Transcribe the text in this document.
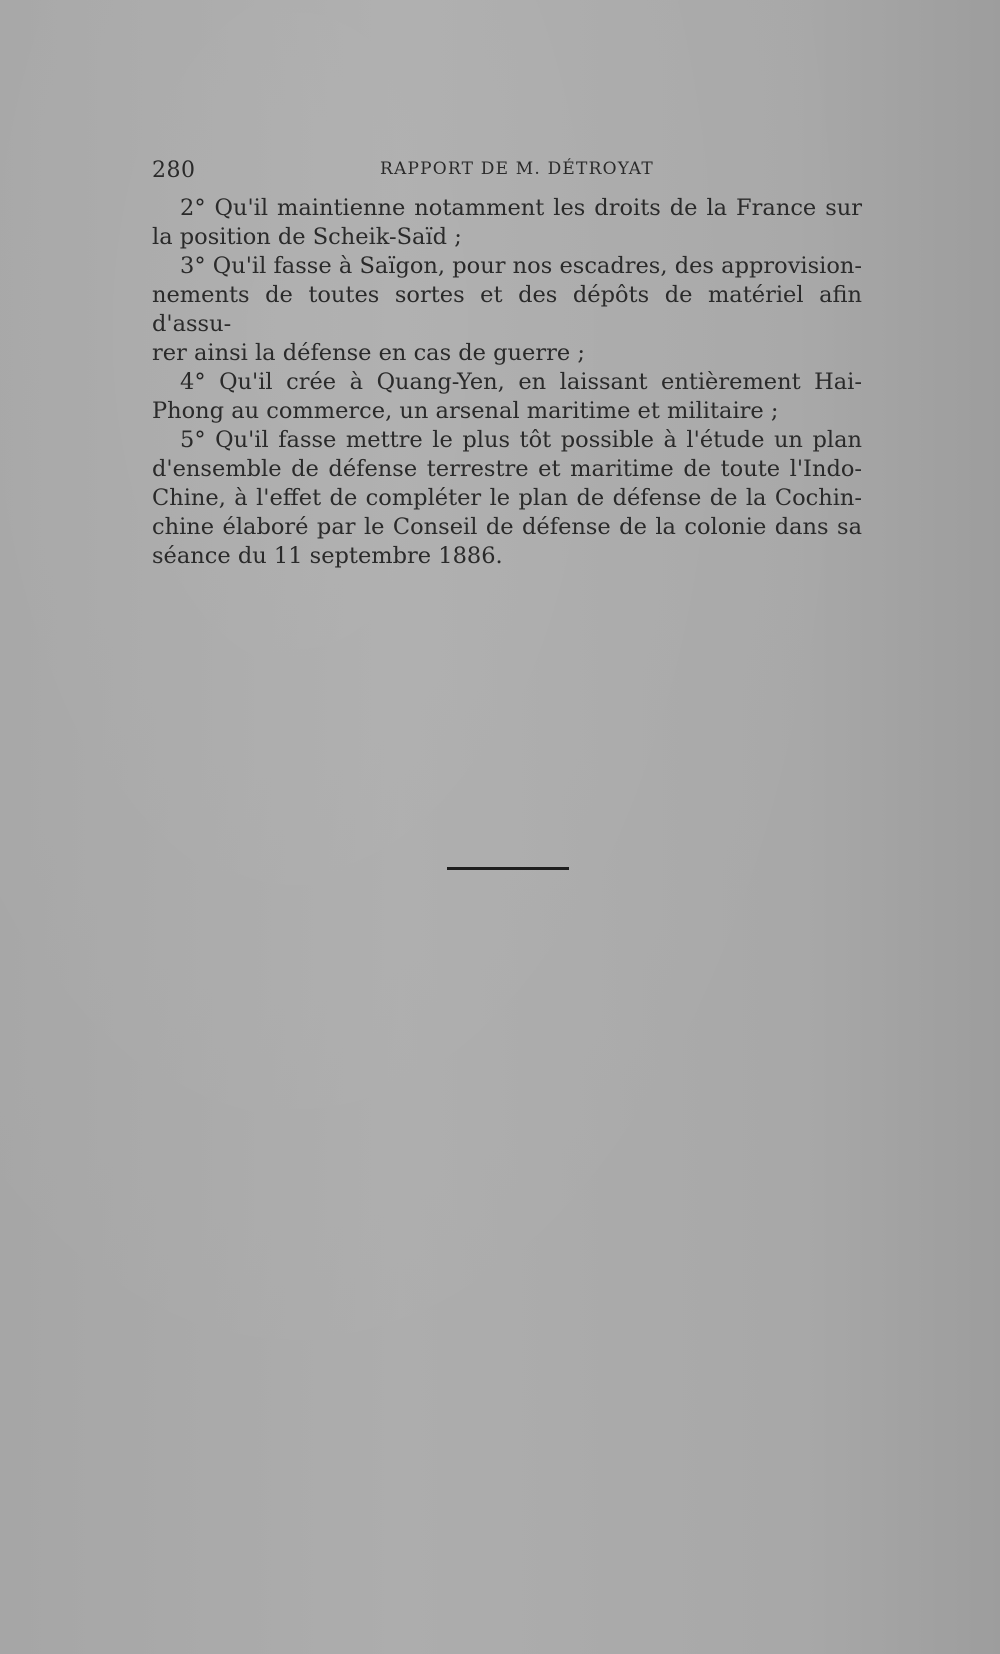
280	RAPPORT DE M. DÉTROYAT

2° Qu'il maintienne notamment les droits de la France sur

la position de Scheik-Saïd ;

3° Qu'il fasse à Saïgon, pour nos escadres, des approvision-

nements de toutes sortes et des dépôts de matériel afin d'assu-

rer ainsi la défense en cas de guerre ;

4° Qu'il crée à Quang-Yen, en laissant entièrement Hai-

Phong au commerce, un arsenal maritime et militaire ;

5° Qu'il fasse mettre le plus tôt possible à l'étude un plan

d'ensemble de défense terrestre et maritime de toute l'Indo-

Chine, à l'effet de compléter le plan de défense de la Cochin-

chine élaboré par le Conseil de défense de la colonie dans sa

séance du 11 septembre 1886.
